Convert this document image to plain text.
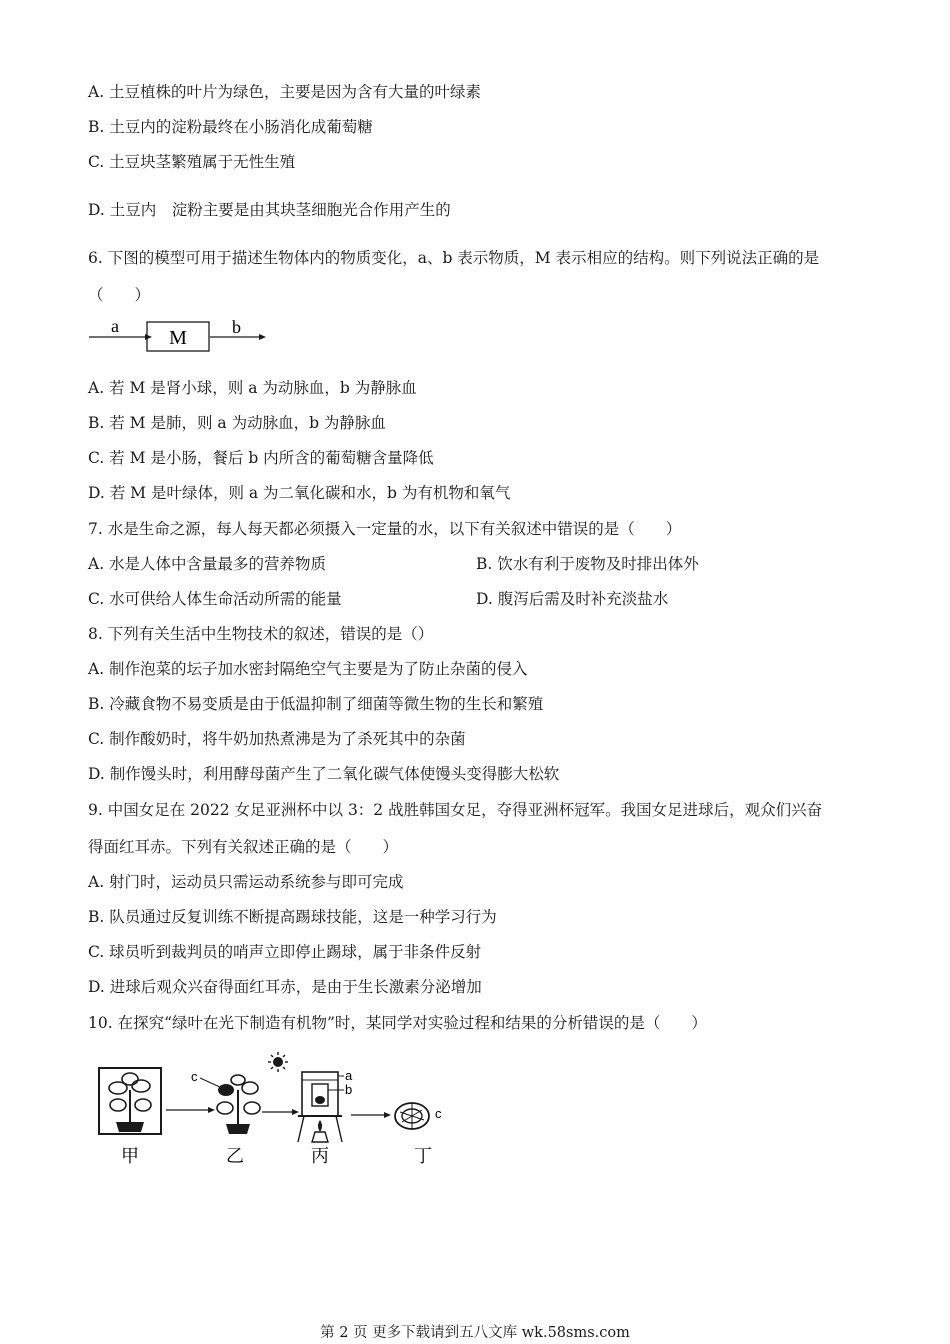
A. 土豆植株的叶片为绿色，主要是因为含有大量的叶绿素
B. 土豆内的淀粉最终在小肠消化成葡萄糖
C. 土豆块茎繁殖属于无性生殖
D. 土豆内　淀粉主要是由其块茎细胞光合作用产生的
6. 下图的模型可用于描述生物体内的物质变化，a、b 表示物质，M 表示相应的结构。则下列说法正确的是
（　　）
a
M	b
A. 若 M 是肾小球，则 a 为动脉血，b 为静脉血
B. 若 M 是肺，则 a 为动脉血，b 为静脉血
C. 若 M 是小肠，餐后 b 内所含的葡萄糖含量降低
D. 若 M 是叶绿体，则 a 为二氧化碳和水，b 为有机物和氧气
7. 水是生命之源，每人每天都必须摄入一定量的水，以下有关叙述中错误的是（　　）
A. 水是人体中含量最多的营养物质	B. 饮水有利于废物及时排出体外
C. 水可供给人体生命活动所需的能量	D. 腹泻后需及时补充淡盐水
8. 下列有关生活中生物技术的叙述，错误的是（）
A. 制作泡菜的坛子加水密封隔绝空气主要是为了防止杂菌的侵入
B. 冷藏食物不易变质是由于低温抑制了细菌等微生物的生长和繁殖
C. 制作酸奶时，将牛奶加热煮沸是为了杀死其中的杂菌
D. 制作馒头时，利用酵母菌产生了二氧化碳气体使馒头变得膨大松软
9. 中国女足在 2022 女足亚洲杯中以 3：2 战胜韩国女足，夺得亚洲杯冠军。我国女足进球后，观众们兴奋
得面红耳赤。下列有关叙述正确的是（　　）
A. 射门时，运动员只需运动系统参与即可完成
B. 队员通过反复训练不断提高踢球技能，这是一种学习行为
C. 球员听到裁判员的哨声立即停止踢球，属于非条件反射
D. 进球后观众兴奋得面红耳赤，是由于生长激素分泌增加
10. 在探究“绿叶在光下制造有机物”时，某同学对实验过程和结果的分析错误的是（　　）
c	a
b
c
甲	乙	丙	丁
第 2 页 更多下载请到五八文库 wk.58sms.com
